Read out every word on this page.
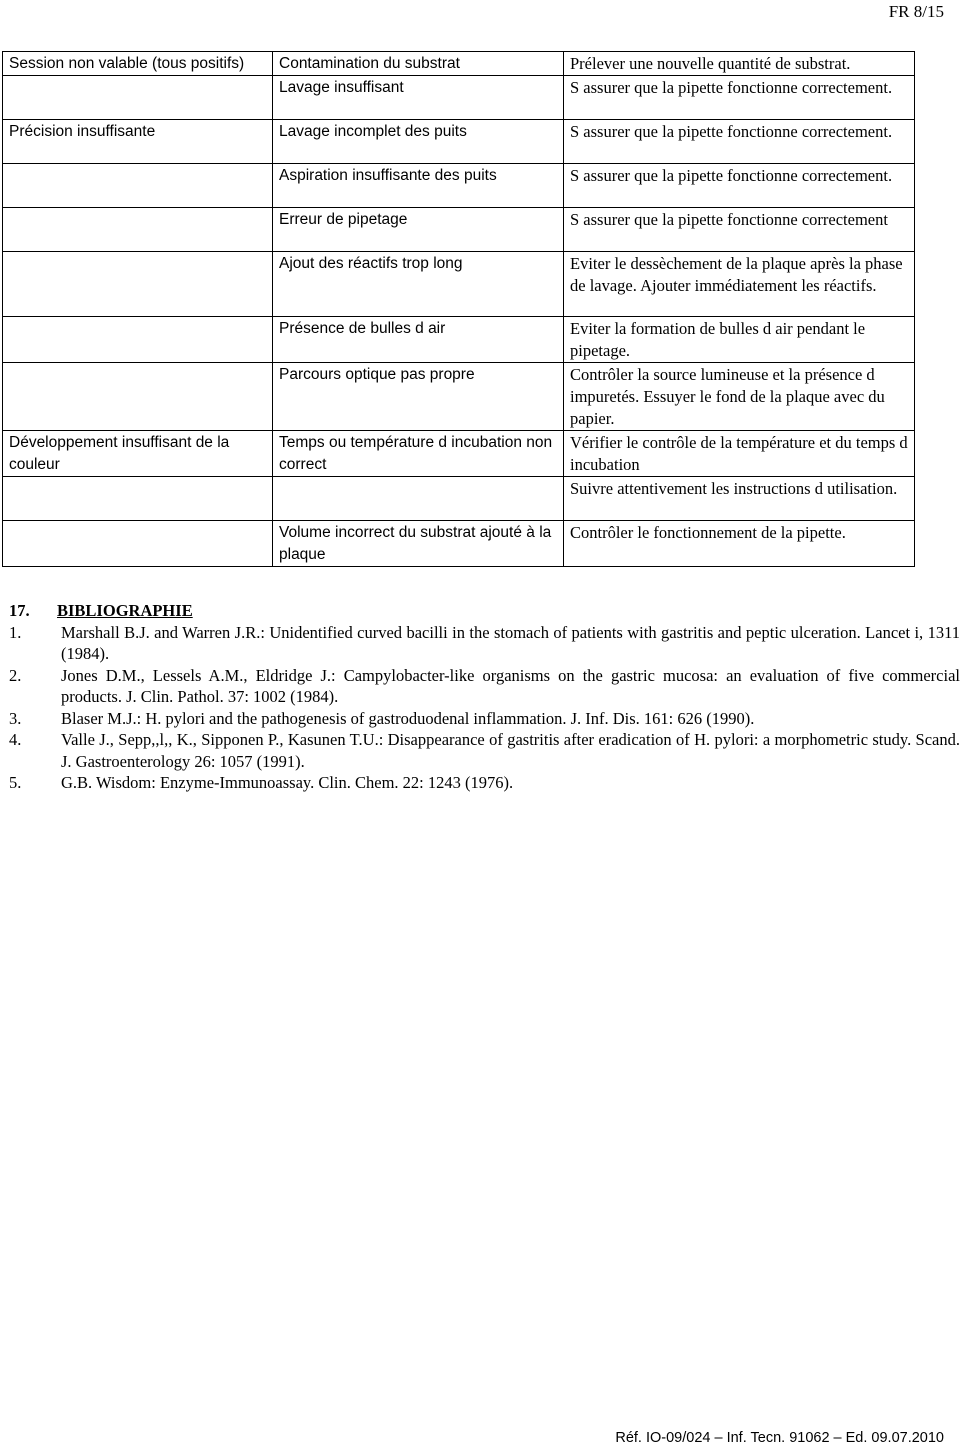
FR 8/15
Session non valable (tous positifs)	Contamination du substrat	Prélever une nouvelle quantité de substrat.
	Lavage insuffisant	S assurer que la pipette fonctionne correctement.
Précision insuffisante	Lavage incomplet des puits	S assurer que la pipette fonctionne correctement.
	Aspiration insuffisante des puits	S assurer que la pipette fonctionne correctement.
	Erreur de pipetage	S assurer que la pipette fonctionne correctement
	Ajout des réactifs trop long	Eviter le dessèchement de la plaque après la phase de lavage. Ajouter immédiatement les réactifs.
	Présence de bulles d air	Eviter la formation de bulles d air pendant le pipetage.
	Parcours optique pas propre	Contrôler la source lumineuse et la présence d impuretés. Essuyer le fond de la plaque avec du papier.
Développement insuffisant de la couleur	Temps ou température d incubation non correct	Vérifier le contrôle de la température et du temps d incubation
		Suivre attentivement les instructions d utilisation.
	Volume incorrect du substrat ajouté à la plaque	Contrôler le fonctionnement de la pipette.
17.	BIBLIOGRAPHIE
1.	Marshall B.J. and Warren J.R.: Unidentified curved bacilli in the stomach of patients with gastritis and peptic ulceration. Lancet i, 1311 (1984).
2.	Jones D.M., Lessels A.M., Eldridge J.: Campylobacter-like organisms on the gastric mucosa: an evaluation of five commercial products. J. Clin. Pathol. 37: 1002 (1984).
3.	Blaser M.J.: H. pylori and the pathogenesis of gastroduodenal inflammation. J. Inf. Dis. 161: 626 (1990).
4.	Valle J., Sepp,,l,, K., Sipponen P., Kasunen T.U.: Disappearance of gastritis after eradication of H. pylori: a morphometric study. Scand. J. Gastroenterology 26: 1057 (1991).
5.	G.B. Wisdom: Enzyme-Immunoassay. Clin. Chem. 22: 1243 (1976).
Réf. IO-09/024 – Inf. Tecn. 91062 – Ed. 09.07.2010
